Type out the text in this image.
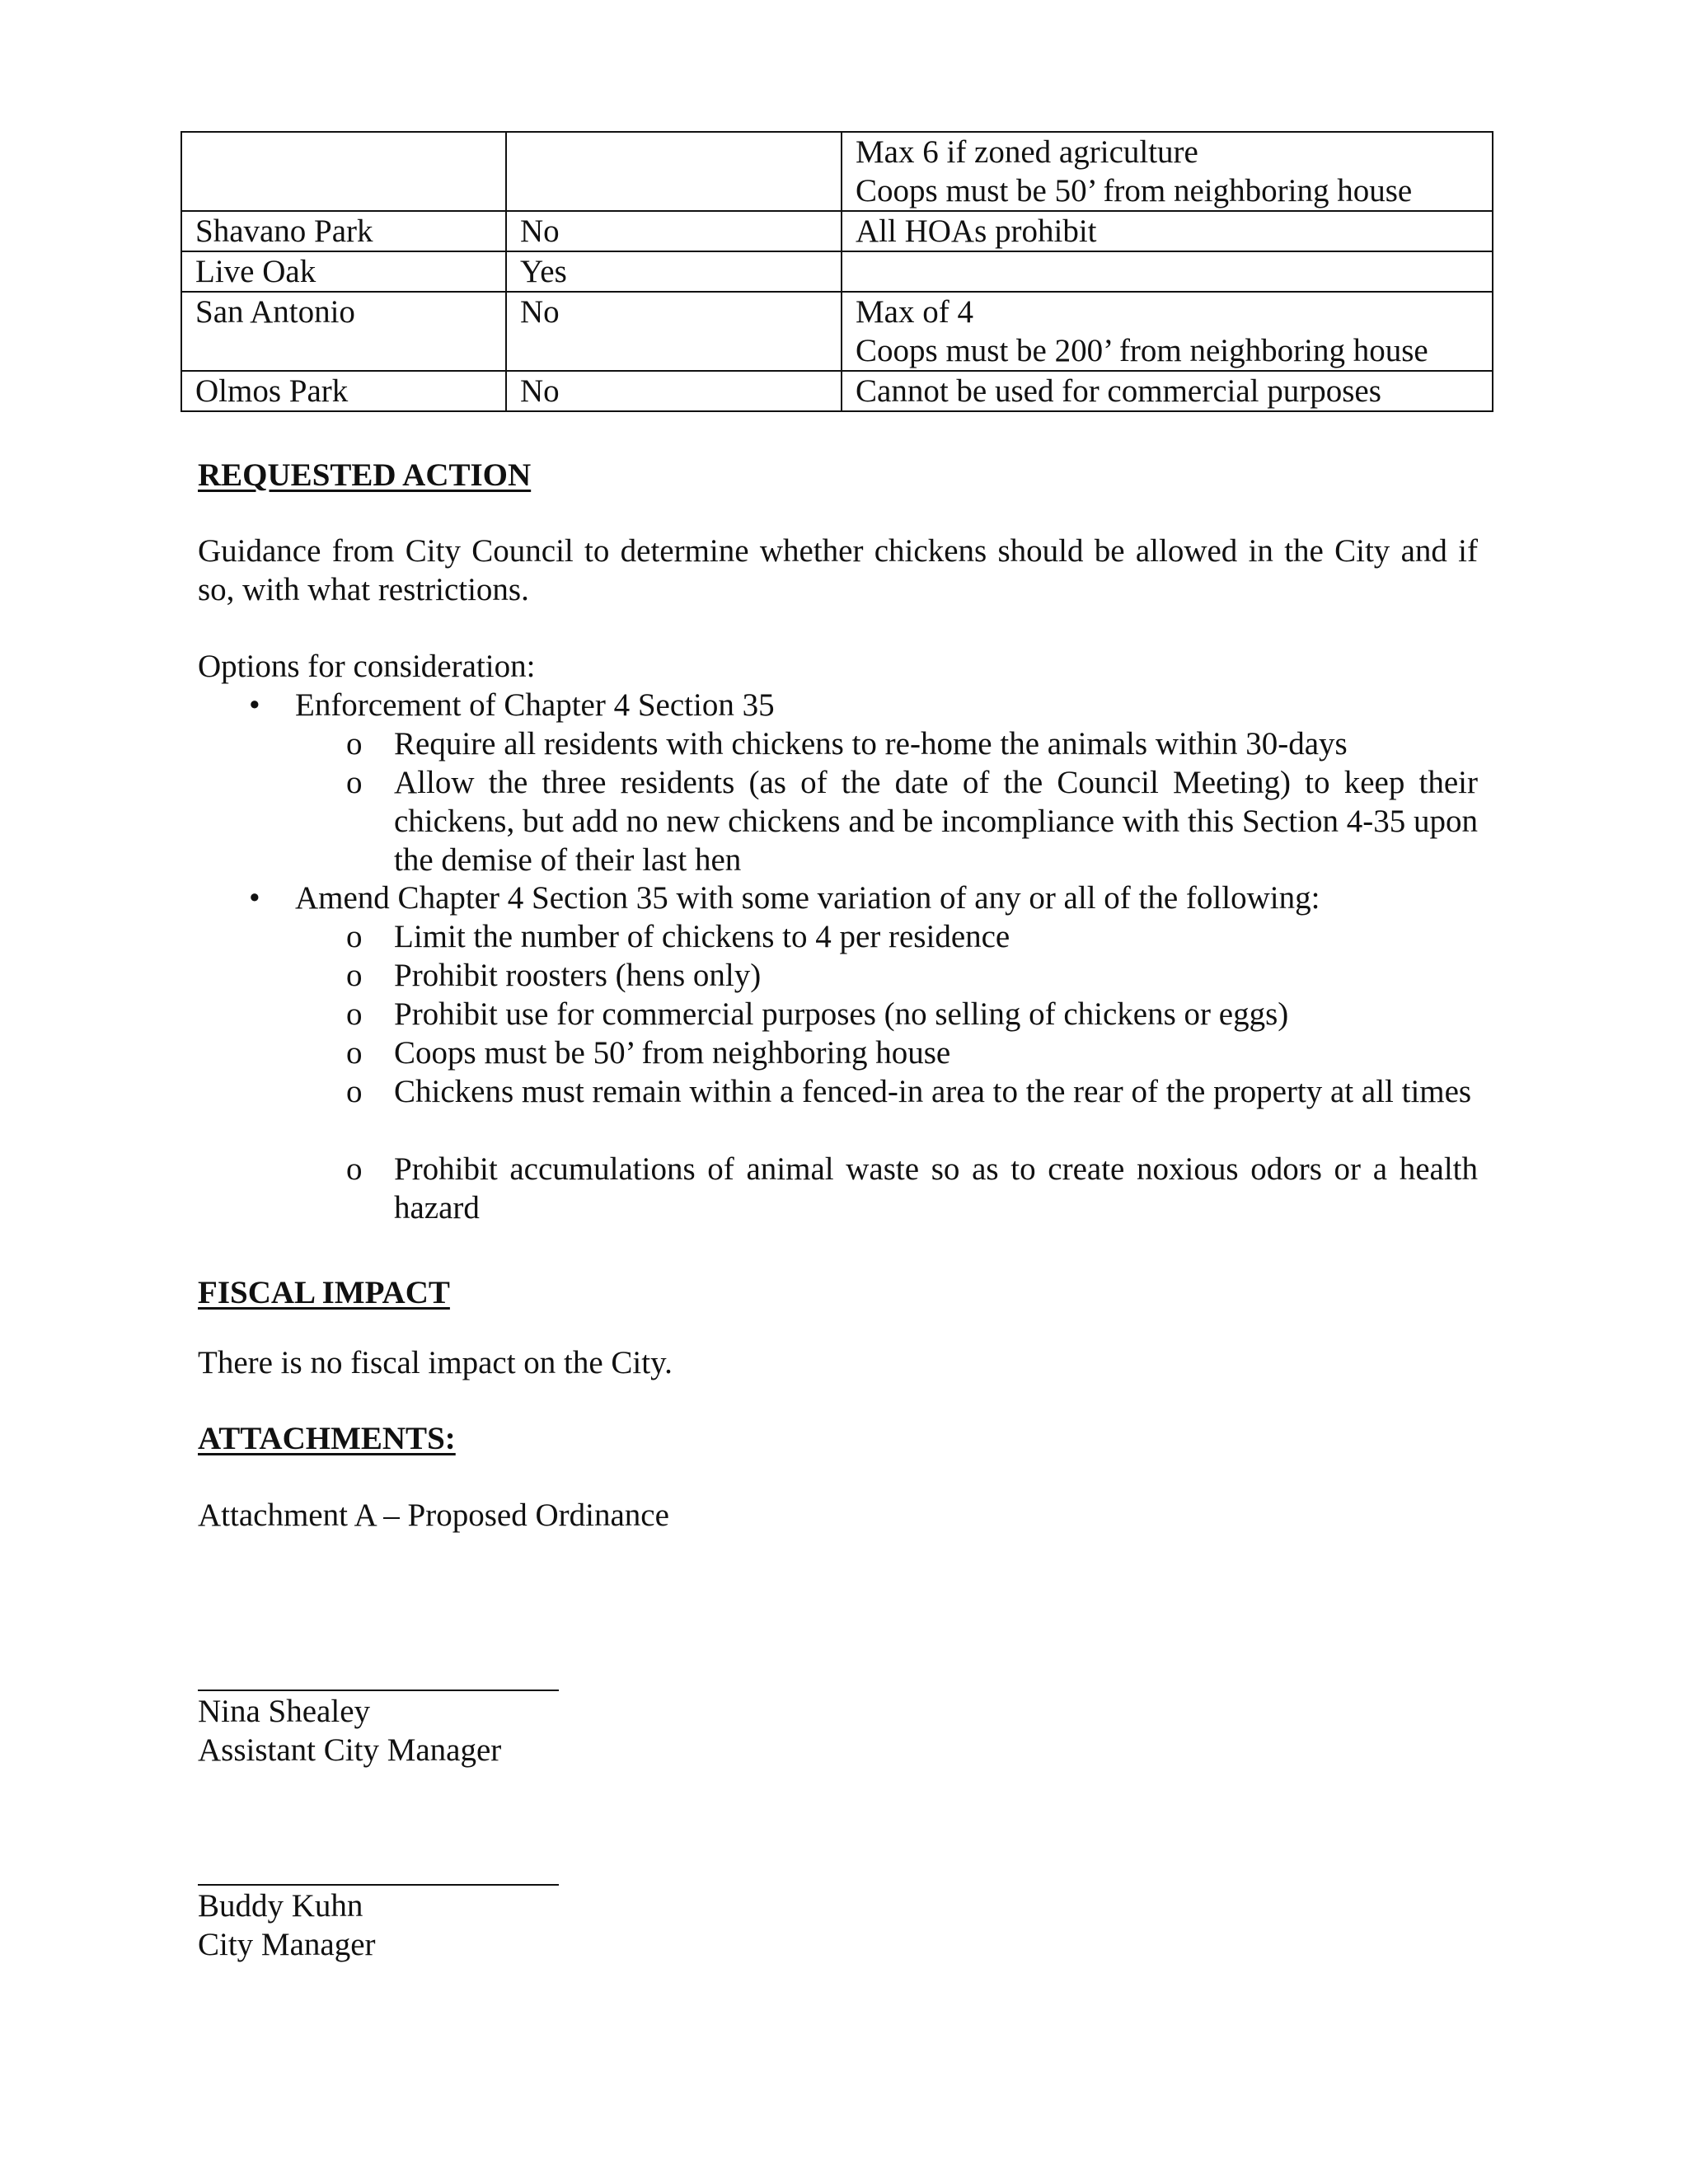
		Max 6 if zoned agriculture
Coops must be 50’ from neighboring house

Shavano Park	No	All HOAs prohibit

Live Oak	Yes	

San Antonio	No	Max of 4
Coops must be 200’ from neighboring house

Olmos Park	No	Cannot be used for commercial purposes
REQUESTED ACTION
Guidance from City Council to determine whether chickens should be allowed in the City and if so, with what restrictions.
Options for consideration:
• Enforcement of Chapter 4 Section 35
o Require all residents with chickens to re-home the animals within 30-days
o Allow the three residents (as of the date of the Council Meeting) to keep their chickens, but add no new chickens and be incompliance with this Section 4-35 upon the demise of their last hen
• Amend Chapter 4 Section 35 with some variation of any or all of the following:
o Limit the number of chickens to 4 per residence
o Prohibit roosters (hens only)
o Prohibit use for commercial purposes (no selling of chickens or eggs)
o Coops must be 50’ from neighboring house
o Chickens must remain within a fenced-in area to the rear of the property at all times
o Prohibit accumulations of animal waste so as to create noxious odors or a health hazard
FISCAL IMPACT
There is no fiscal impact on the City.
ATTACHMENTS:
Attachment A – Proposed Ordinance
Nina Shealey
Assistant City Manager
Buddy Kuhn
City Manager
